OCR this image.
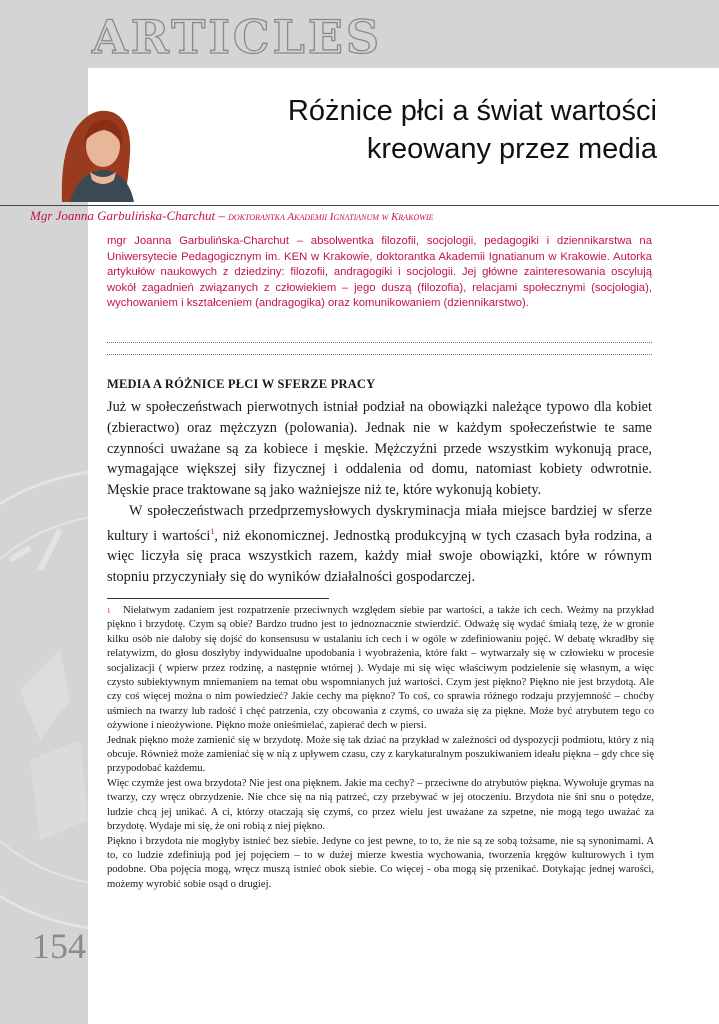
ARTICLES
Różnice płci a świat wartości
kreowany przez media

Mgr Joanna Garbulińska-Charchut – doktorantka Akademii Ignatianum w Krakowie

mgr Joanna Garbulińska-Charchut – absolwentka filozofii, socjologii, pedagogiki i dziennikarstwa na Uniwersytecie Pedagogicznym im. KEN w Krakowie, doktorantka Akademii Ignatianum w Krakowie. Autorka artykułów naukowych z dziedziny: filozofii, andragogiki i socjologii. Jej główne zainteresowania oscylują wokół zagadnień związanych z człowiekiem – jego duszą (filozofia), relacjami społecznymi (socjologia), wychowaniem i kształceniem (andragogika) oraz komunikowaniem (dziennikarstwo).

MEDIA A RÓŻNICE PŁCI W SFERZE PRACY

Już w społeczeństwach pierwotnych istniał podział na obowiązki należące typowo dla kobiet (zbieractwo) oraz mężczyzn (polowania). Jednak nie w każdym społeczeństwie te same czynności uważane są za kobiece i męskie. Mężczyźni przede wszystkim wykonują prace, wymagające większej siły fizycznej i oddalenia od domu, natomiast kobiety odwrotnie. Męskie prace traktowane są jako ważniejsze niż te, które wykonują kobiety.

W społeczeństwach przedprzemysłowych dyskryminacja miała miejsce bardziej w sferze kultury i wartości$^1$, niż ekonomicznej. Jednostką produkcyjną w tych czasach była rodzina, a więc liczyła się praca wszystkich razem, każdy miał swoje obowiązki, które w równym stopniu przyczyniały się do wyników działalności gospodarczej.

1 Niełatwym zadaniem jest rozpatrzenie przeciwnych względem siebie par wartości, a także ich cech. Weźmy na przykład piękno i brzydotę. Czym są obie? Bardzo trudno jest to jednoznacznie stwierdzić. Odważę się wydać śmiałą tezę, że w gronie kilku osób nie dałoby się dojść do konsensusu w ustalaniu ich cech i w ogóle w zdefiniowaniu pojęć. W debatę wkradłby się relatywizm, do głosu doszłyby indywidualne upodobania i wyobrażenia, które fakt – wytwarzały się w człowieku w procesie socjalizacji ( wpierw przez rodzinę, a następnie wtórnej ). Wydaje mi się więc właściwym podzielenie się własnym, a więc czysto subiektywnym mniemaniem na temat obu wspomnianych już wartości. Czym jest piękno? Piękno nie jest brzydotą. Ale czy coś więcej można o nim powiedzieć? Jakie cechy ma piękno? To coś, co sprawia różnego rodzaju przyjemność – choćby uśmiech na twarzy lub radość i chęć patrzenia, czy obcowania z czymś, co uważa się za piękne. Może być atrybutem tego co ożywione i nieożywione. Piękno może onieśmielać, zapierać dech w piersi.

Jednak piękno może zamienić się w brzydotę. Może się tak dziać na przykład w zależności od dyspozycji podmiotu, który z nią obcuje. Również może zamieniać się w nią z upływem czasu, czy z karykaturalnym poszukiwaniem ideału piękna – gdy chce się przypodobać każdemu.

Więc czymże jest owa brzydota? Nie jest ona pięknem. Jakie ma cechy? – przeciwne do atrybutów piękna. Wywołuje grymas na twarzy, czy wręcz obrzydzenie. Nie chce się na nią patrzeć, czy przebywać w jej otoczeniu. Brzydota nie śni snu o potędze, ludzie chcą jej unikać. A ci, którzy otaczają się czymś, co przez wielu jest uważane za szpetne, nie mogą tego uważać za brzydotę. Wydaje mi się, że oni robią z niej piękno.

Piękno i brzydota nie mogłyby istnieć bez siebie. Jedyne co jest pewne, to to, że nie są ze sobą tożsame, nie są synonimami. A to, co ludzie zdefiniują pod jej pojęciem – to w dużej mierze kwestia wychowania, tworzenia kręgów kulturowych i tym podobne. Oba pojęcia mogą, wręcz muszą istnieć obok siebie. Co więcej - oba mogą się przenikać. Dotykając jednej warości, możemy wyrobić sobie osąd o drugiej.

154
